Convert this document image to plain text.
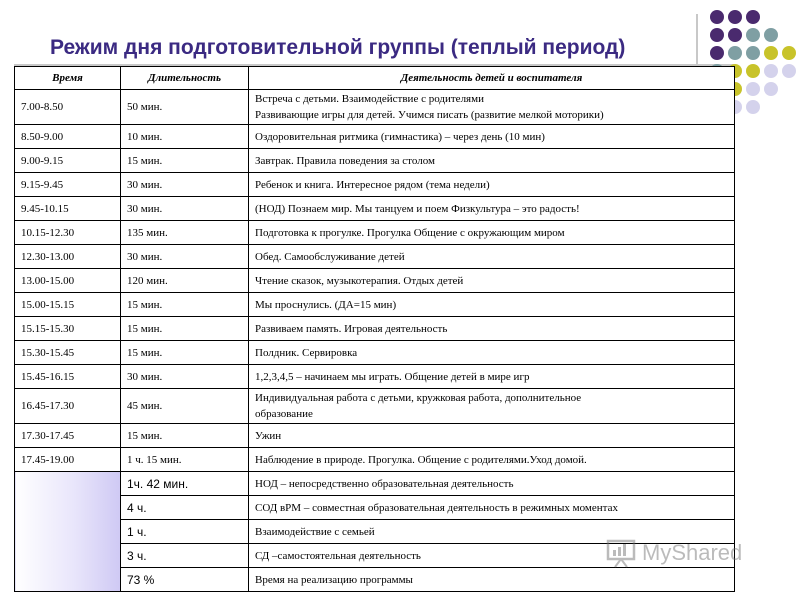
Режим дня подготовительной группы (теплый период)
Время	Длительность	Деятельность детей и воспитателя
7.00-8.50	50 мин.	Встреча с детьми. Взаимодействие с родителями
Развивающие игры для детей. Учимся писать (развитие мелкой моторики)

8.50-9.00	10 мин.	Оздоровительная ритмика (гимнастика) – через день (10 мин)
9.00-9.15	15 мин.	Завтрак. Правила поведения за столом
9.15-9.45	30 мин.	Ребенок и книга. Интересное рядом (тема недели)
9.45-10.15	30 мин.	(НОД) Познаем мир. Мы танцуем и поем Физкультура – это радость!
10.15-12.30	135 мин.	Подготовка к прогулке. Прогулка Общение с окружающим миром
12.30-13.00	30 мин.	Обед. Самообслуживание детей
13.00-15.00	120 мин.	Чтение сказок, музыкотерапия. Отдых детей
15.00-15.15	15 мин.	Мы проснулись. (ДА=15 мин)
15.15-15.30	15 мин.	Развиваем память. Игровая деятельность
15.30-15.45	15 мин.	Полдник. Сервировка
15.45-16.15	30 мин.	1,2,3,4,5 – начинаем мы играть. Общение детей в мире игр
16.45-17.30	45 мин.	Индивидуальная работа с детьми, кружковая работа, дополнительное
образование

17.30-17.45	15 мин.	Ужин
17.45-19.00	1 ч. 15 мин.	Наблюдение в природе. Прогулка. Общение с родителями.Уход домой.
	1ч. 42 мин.	НОД – непосредственно образовательная деятельность
	4 ч.	СОД вРМ – совместная образовательная деятельность в режимных моментах
	1 ч.	Взаимодействие с семьей
	3 ч.	СД –самостоятельная деятельность
	73 %	Время на реализацию программы
MyShared
